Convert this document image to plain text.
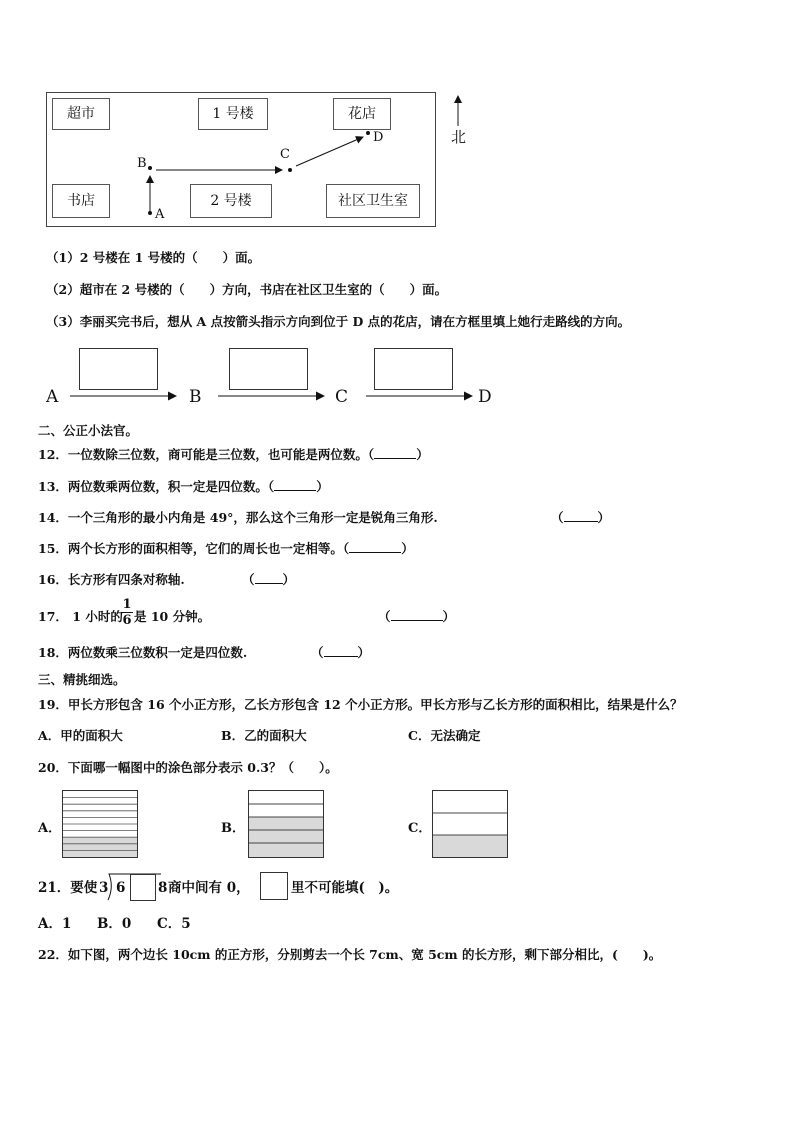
超市	1 号楼	花店
书店	2 号楼	社区卫生室
A
B
C
D	北
（1）2 号楼在 1 号楼的（　　）面。
（2）超市在 2 号楼的（　　）方向，书店在社区卫生室的（　　）面。
（3）李丽买完书后，想从 A 点按箭头指示方向到位于 D 点的花店，请在方框里填上她行走路线的方向。
A	B	C	D
二、公正小法官。
12．一位数除三位数，商可能是三位数，也可能是两位数。（	）
13．两位数乘两位数，积一定是四位数。（	）
14．一个三角形的最小内角是 49°，那么这个三角形一定是锐角三角形.	（	）
15．两个长方形的面积相等，它们的周长也一定相等。（	）
16．长方形有四条对称轴.	（ ）
17． 1 小时的
1
6 是 10 分钟。	（	）
18．两位数乘三位数积一定是四位数.	（	）
三、精挑细选。
19．甲长方形包含 16 个小正方形，乙长方形包含 12 个小正方形。甲长方形与乙长方形的面积相比，结果是什么？
A．甲的面积大	B．乙的面积大	C．无法确定
20．下面哪一幅图中的涂色部分表示 0.3？（　　）。
A．	B．	C．
21．要使 3 6 8 商中间有 0，	里不可能填(　)。
A．1 B．0 C．5
22．如下图，两个边长 10cm 的正方形，分别剪去一个长 7cm、宽 5cm 的长方形，剩下部分相比，(　　)。
